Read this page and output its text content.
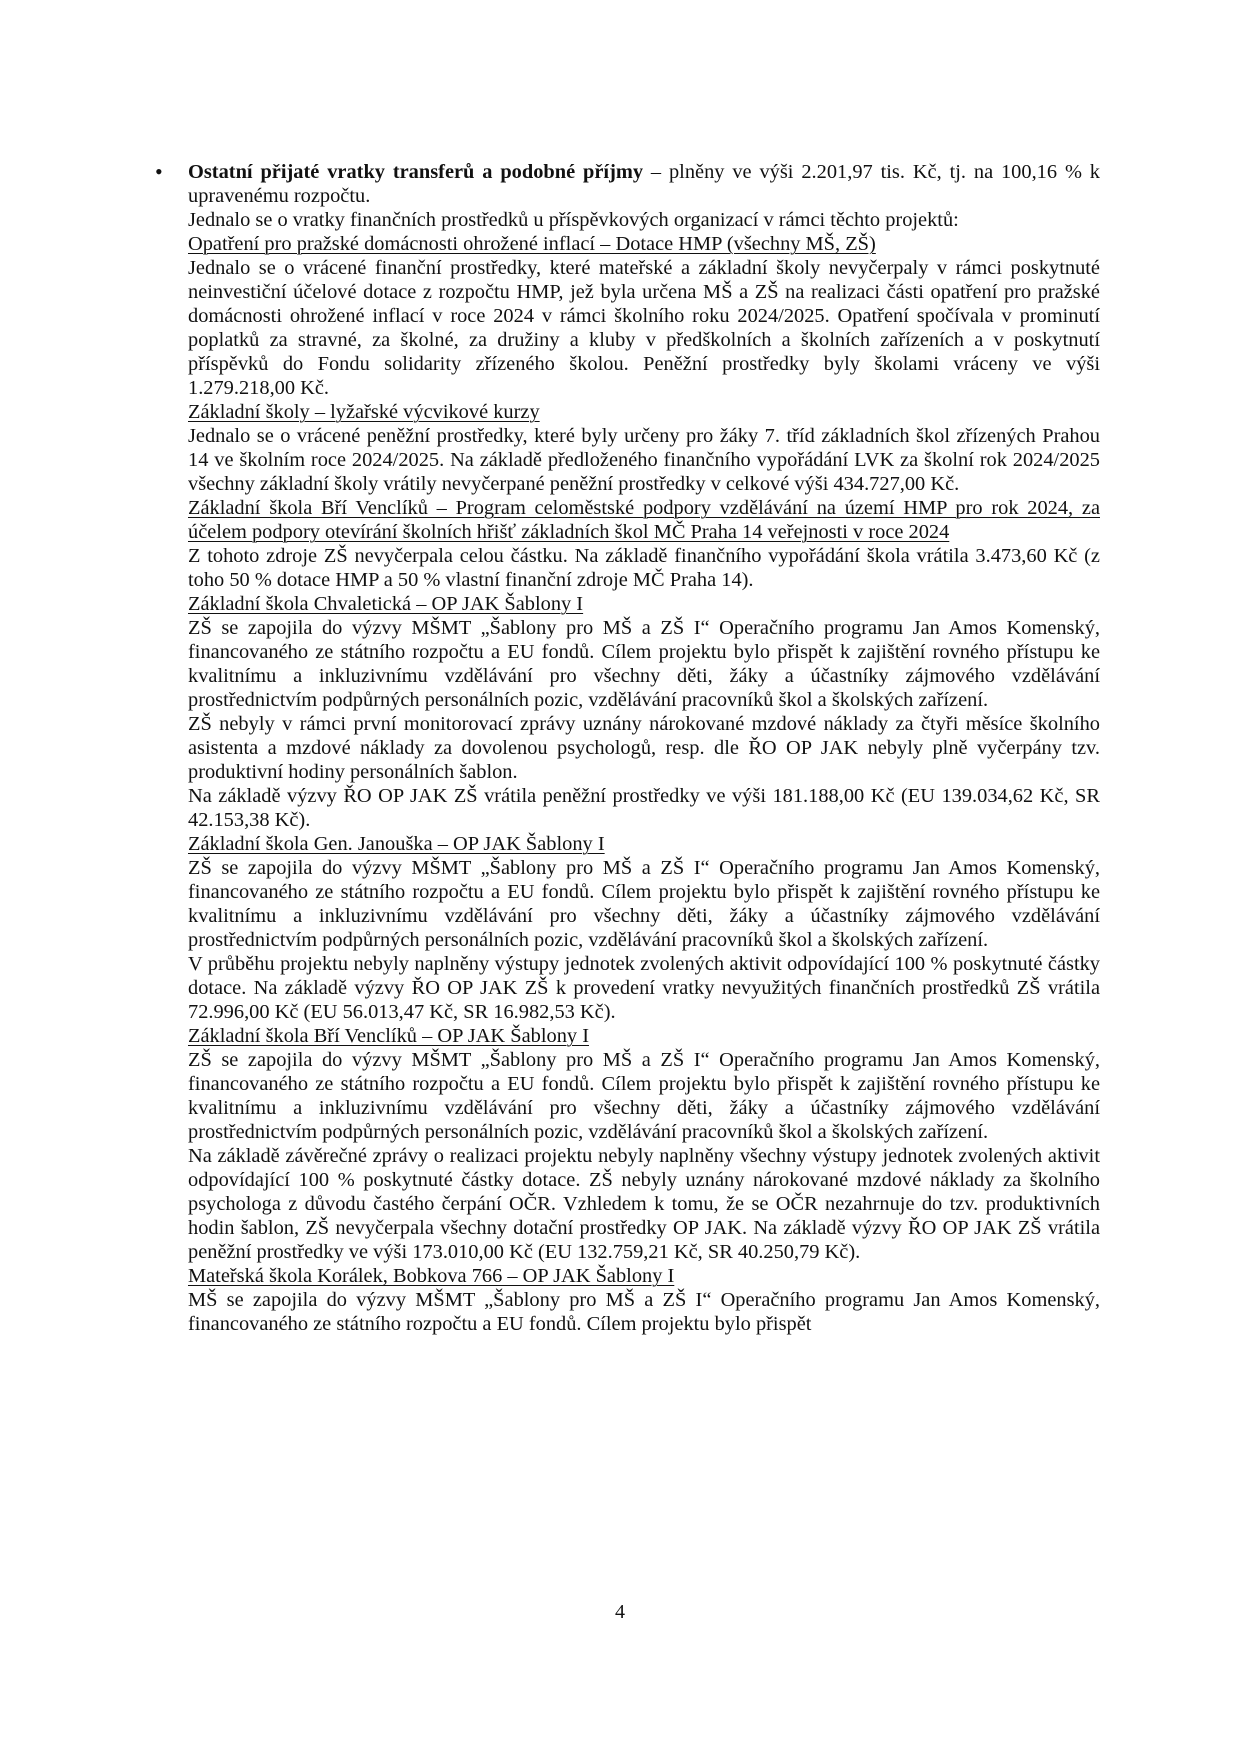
• Ostatní přijaté vratky transferů a podobné příjmy – plněny ve výši 2.201,97 tis. Kč, tj. na 100,16 % k upravenému rozpočtu.

Jednalo se o vratky finančních prostředků u příspěvkových organizací v rámci těchto projektů:

Opatření pro pražské domácnosti ohrožené inflací – Dotace HMP (všechny MŠ, ZŠ)

Jednalo se o vrácené finanční prostředky, které mateřské a základní školy nevyčerpaly v rámci poskytnuté neinvestiční účelové dotace z rozpočtu HMP, jež byla určena MŠ a ZŠ na realizaci části opatření pro pražské domácnosti ohrožené inflací v roce 2024 v rámci školního roku 2024/2025. Opatření spočívala v prominutí poplatků za stravné, za školné, za družiny a kluby v předškolních a školních zařízeních a v poskytnutí příspěvků do Fondu solidarity zřízeného školou. Peněžní prostředky byly školami vráceny ve výši 1.279.218,00 Kč.

Základní školy – lyžařské výcvikové kurzy

Jednalo se o vrácené peněžní prostředky, které byly určeny pro žáky 7. tříd základních škol zřízených Prahou 14 ve školním roce 2024/2025. Na základě předloženého finančního vypořádání LVK za školní rok 2024/2025 všechny základní školy vrátily nevyčerpané peněžní prostředky v celkové výši 434.727,00 Kč.

Základní škola Bří Venclíků – Program celoměstské podpory vzdělávání na území HMP pro rok 2024, za účelem podpory otevírání školních hřišť základních škol MČ Praha 14 veřejnosti v roce 2024

Z tohoto zdroje ZŠ nevyčerpala celou částku. Na základě finančního vypořádání škola vrátila 3.473,60 Kč (z toho 50 % dotace HMP a 50 % vlastní finanční zdroje MČ Praha 14).

Základní škola Chvaletická – OP JAK Šablony I

ZŠ se zapojila do výzvy MŠMT „Šablony pro MŠ a ZŠ I“ Operačního programu Jan Amos Komenský, financovaného ze státního rozpočtu a EU fondů. Cílem projektu bylo přispět k zajištění rovného přístupu ke kvalitnímu a inkluzivnímu vzdělávání pro všechny děti, žáky a účastníky zájmového vzdělávání prostřednictvím podpůrných personálních pozic, vzdělávání pracovníků škol a školských zařízení.

ZŠ nebyly v rámci první monitorovací zprávy uznány nárokované mzdové náklady za čtyři měsíce školního asistenta a mzdové náklady za dovolenou psychologů, resp. dle ŘO OP JAK nebyly plně vyčerpány tzv. produktivní hodiny personálních šablon.

Na základě výzvy ŘO OP JAK ZŠ vrátila peněžní prostředky ve výši 181.188,00 Kč (EU 139.034,62 Kč, SR 42.153,38 Kč).

Základní škola Gen. Janouška – OP JAK Šablony I

ZŠ se zapojila do výzvy MŠMT „Šablony pro MŠ a ZŠ I“ Operačního programu Jan Amos Komenský, financovaného ze státního rozpočtu a EU fondů. Cílem projektu bylo přispět k zajištění rovného přístupu ke kvalitnímu a inkluzivnímu vzdělávání pro všechny děti, žáky a účastníky zájmového vzdělávání prostřednictvím podpůrných personálních pozic, vzdělávání pracovníků škol a školských zařízení.

V průběhu projektu nebyly naplněny výstupy jednotek zvolených aktivit odpovídající 100 % poskytnuté částky dotace. Na základě výzvy ŘO OP JAK ZŠ k provedení vratky nevyužitých finančních prostředků ZŠ vrátila 72.996,00 Kč (EU 56.013,47 Kč, SR 16.982,53 Kč).

Základní škola Bří Venclíků – OP JAK Šablony I

ZŠ se zapojila do výzvy MŠMT „Šablony pro MŠ a ZŠ I“ Operačního programu Jan Amos Komenský, financovaného ze státního rozpočtu a EU fondů. Cílem projektu bylo přispět k zajištění rovného přístupu ke kvalitnímu a inkluzivnímu vzdělávání pro všechny děti, žáky a účastníky zájmového vzdělávání prostřednictvím podpůrných personálních pozic, vzdělávání pracovníků škol a školských zařízení.

Na základě závěrečné zprávy o realizaci projektu nebyly naplněny všechny výstupy jednotek zvolených aktivit odpovídající 100 % poskytnuté částky dotace. ZŠ nebyly uznány nárokované mzdové náklady za školního psychologa z důvodu častého čerpání OČR. Vzhledem k tomu, že se OČR nezahrnuje do tzv. produktivních hodin šablon, ZŠ nevyčerpala všechny dotační prostředky OP JAK. Na základě výzvy ŘO OP JAK ZŠ vrátila peněžní prostředky ve výši 173.010,00 Kč (EU 132.759,21 Kč, SR 40.250,79 Kč).

Mateřská škola Korálek, Bobkova 766 – OP JAK Šablony I

MŠ se zapojila do výzvy MŠMT „Šablony pro MŠ a ZŠ I“ Operačního programu Jan Amos Komenský, financovaného ze státního rozpočtu a EU fondů. Cílem projektu bylo přispět

4
